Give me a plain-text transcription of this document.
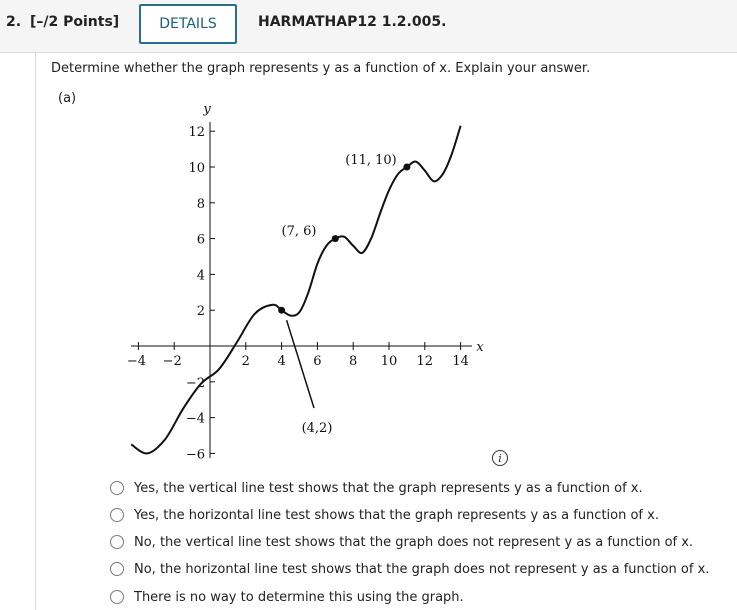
2. [–/2 Points]	DETAILS	HARMATHAP12 1.2.005.
Determine whether the graph represents y as a function of x. Explain your answer.
(a)
−4 −2	2 4 6 8 10 12 14
−6
−4
−2
2
4
6
8
10
12
x
y
(4,2)
(7, 6)
(11, 10)
i
Yes, the vertical line test shows that the graph represents y as a function of x.
Yes, the horizontal line test shows that the graph represents y as a function of x.
No, the vertical line test shows that the graph does not represent y as a function of x.
No, the horizontal line test shows that the graph does not represent y as a function of x.
There is no way to determine this using the graph.
